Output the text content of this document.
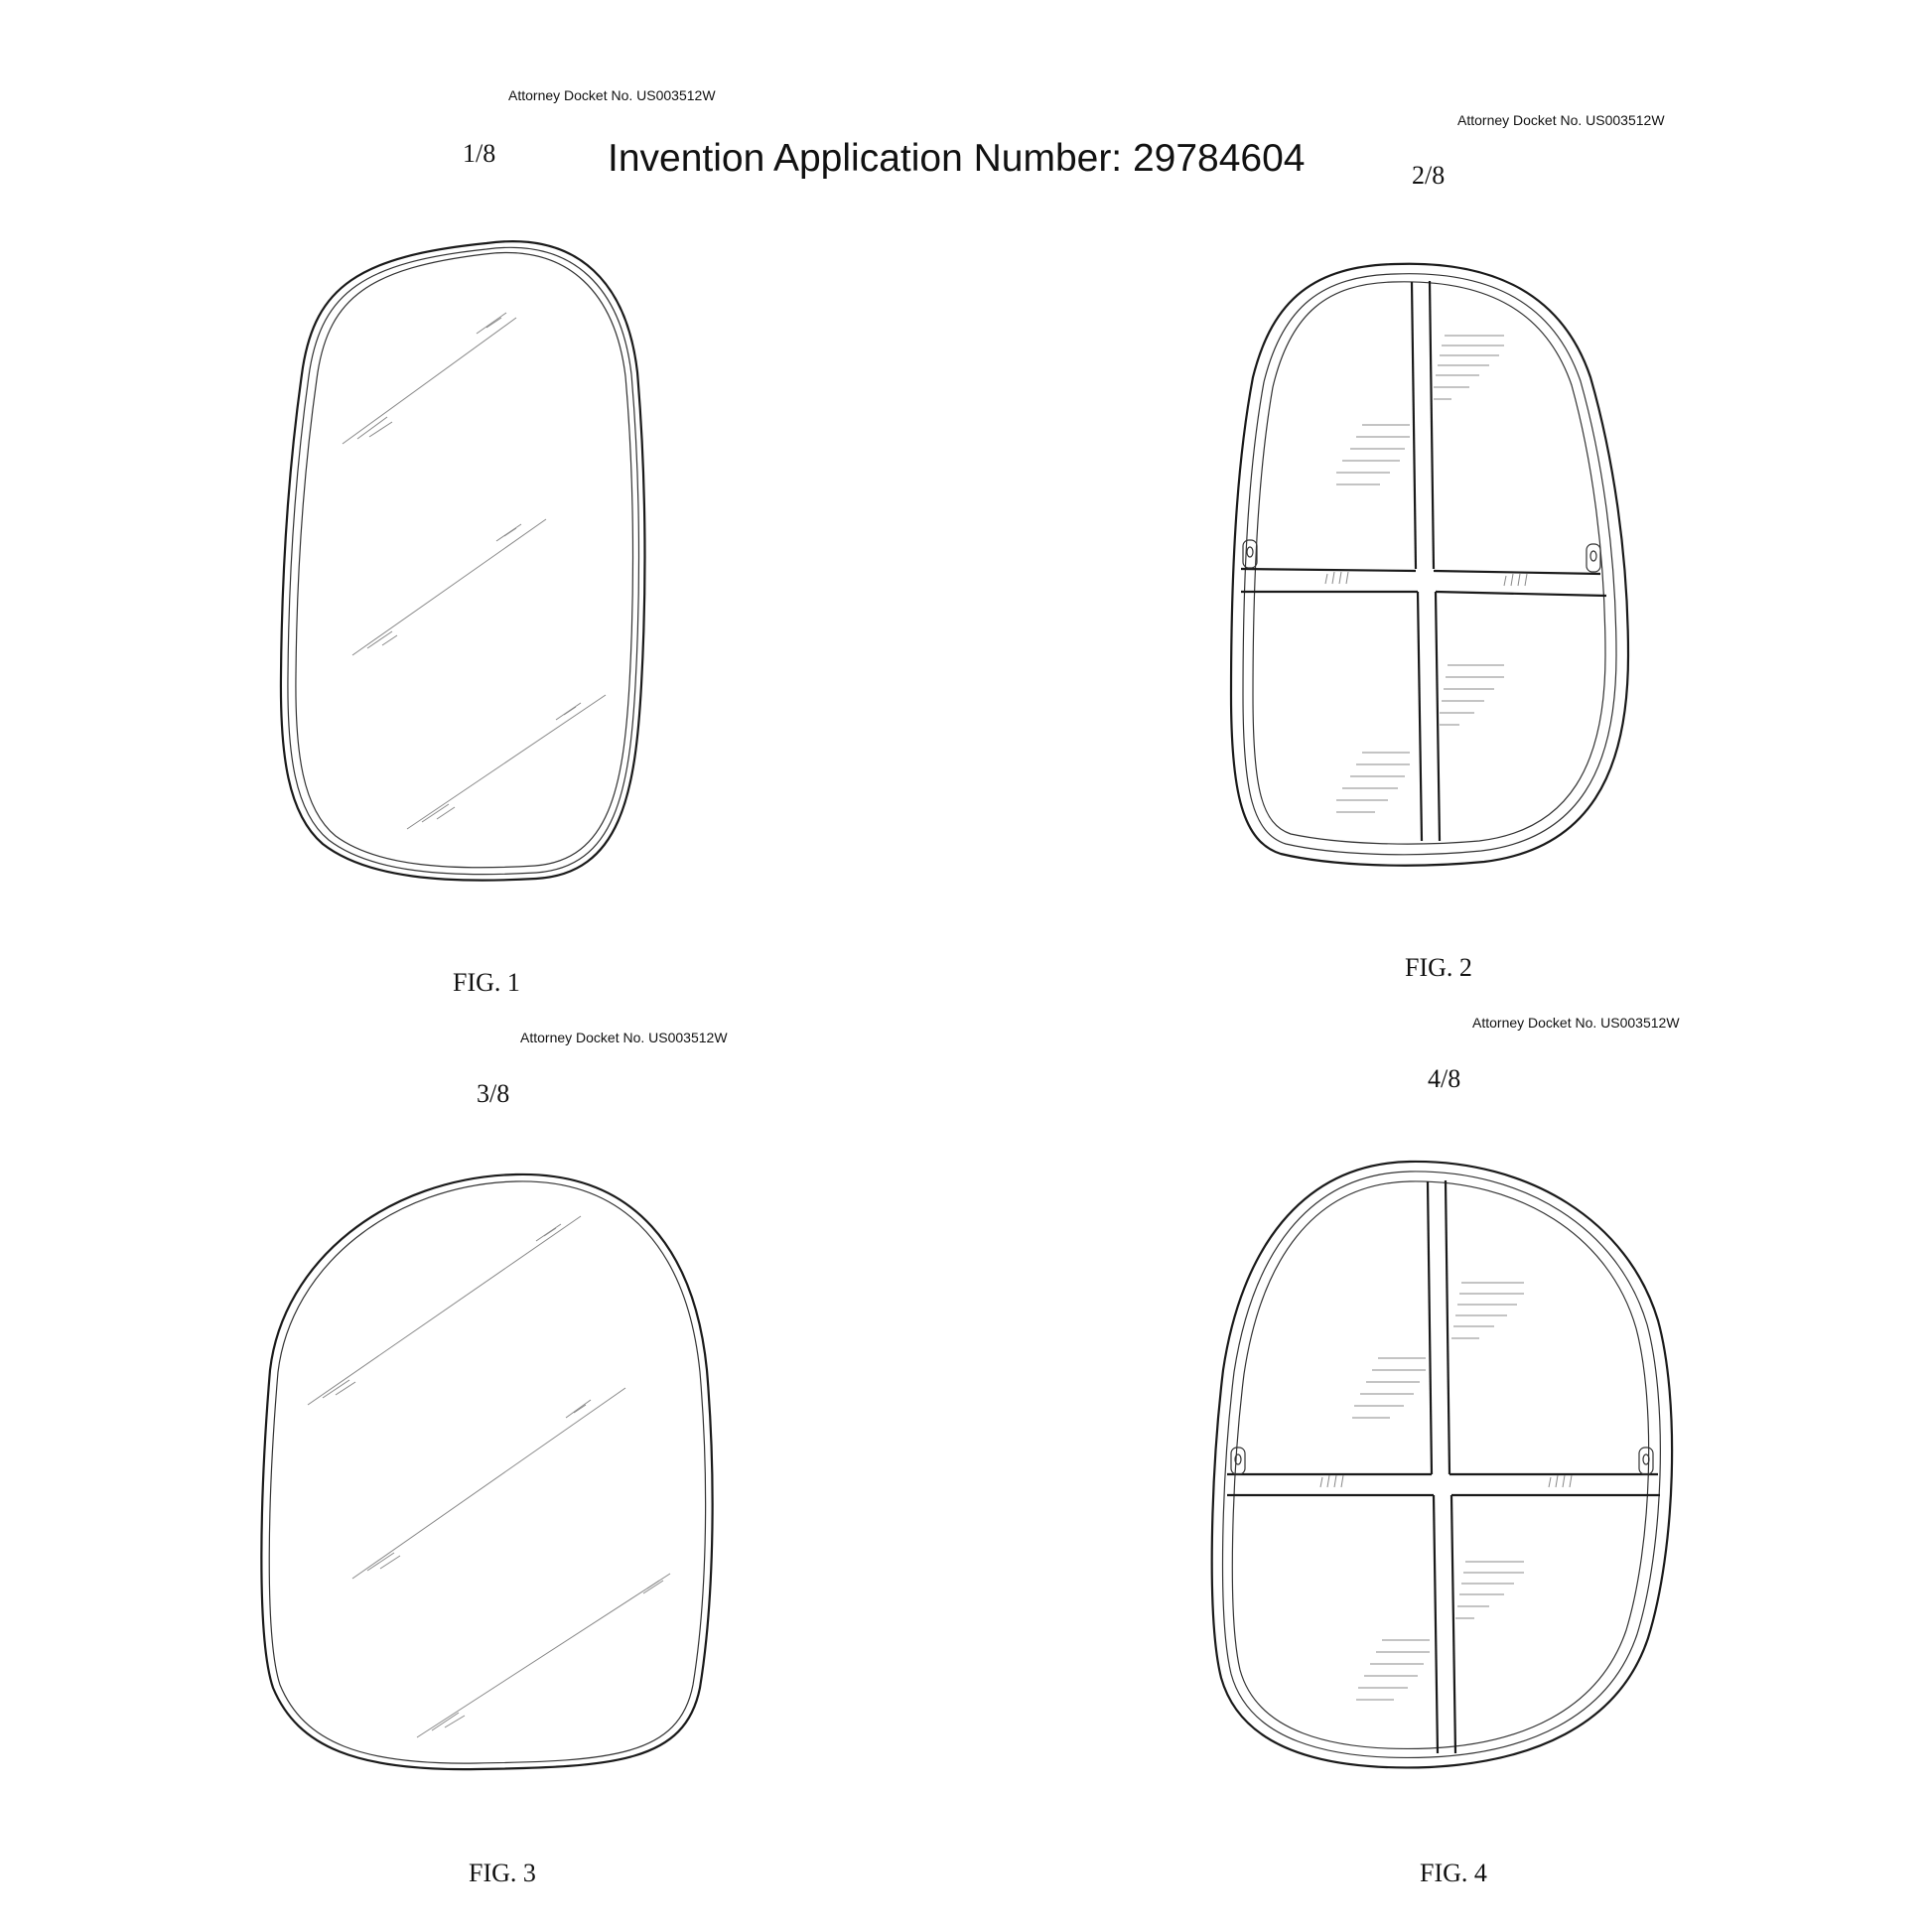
Attorney Docket No. US003512W
1/8	Invention Application Number: 29784604
Attorney Docket No. US003512W
2/8
Attorney Docket No. US003512W
3/8
Attorney Docket No. US003512W
4/8
FIG. 1
FIG. 2
FIG. 3	FIG. 4
